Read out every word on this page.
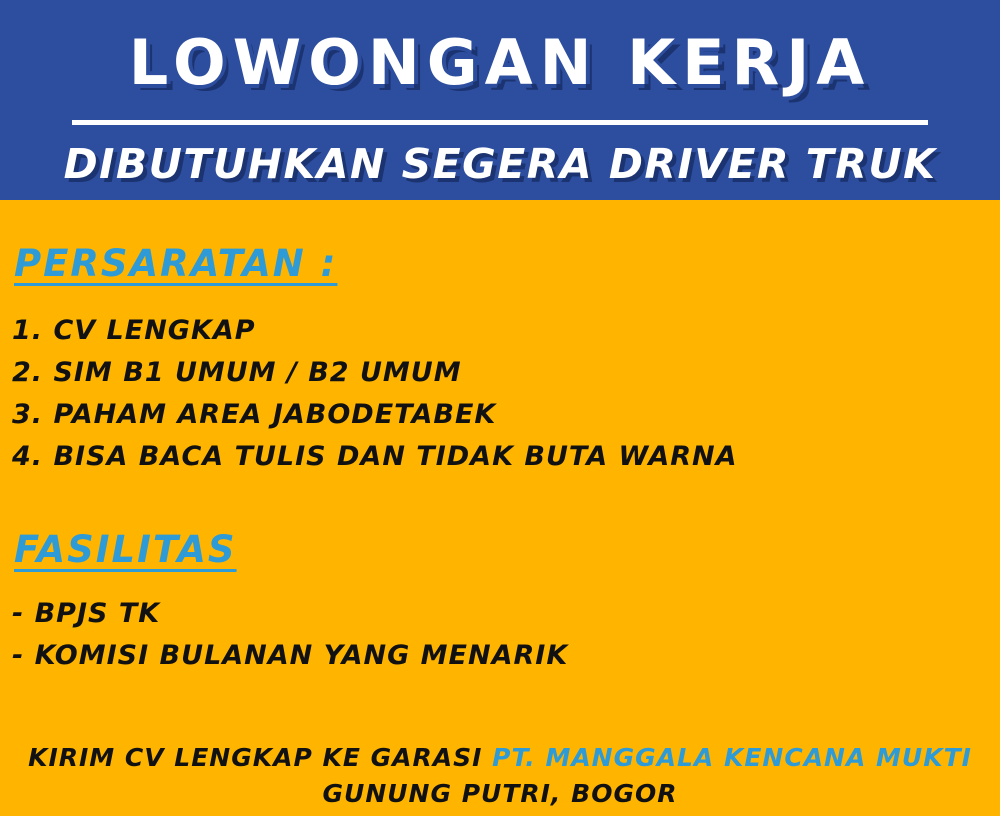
LOWONGAN KERJA
DIBUTUHKAN SEGERA DRIVER TRUK
PERSARATAN :
1. CV LENGKAP
2. SIM B1 UMUM / B2 UMUM
3. PAHAM AREA JABODETABEK
4. BISA BACA TULIS DAN TIDAK BUTA WARNA
FASILITAS
- BPJS TK
- KOMISI BULANAN YANG MENARIK
KIRIM CV LENGKAP KE GARASI PT. MANGGALA KENCANA MUKTI
GUNUNG PUTRI, BOGOR
